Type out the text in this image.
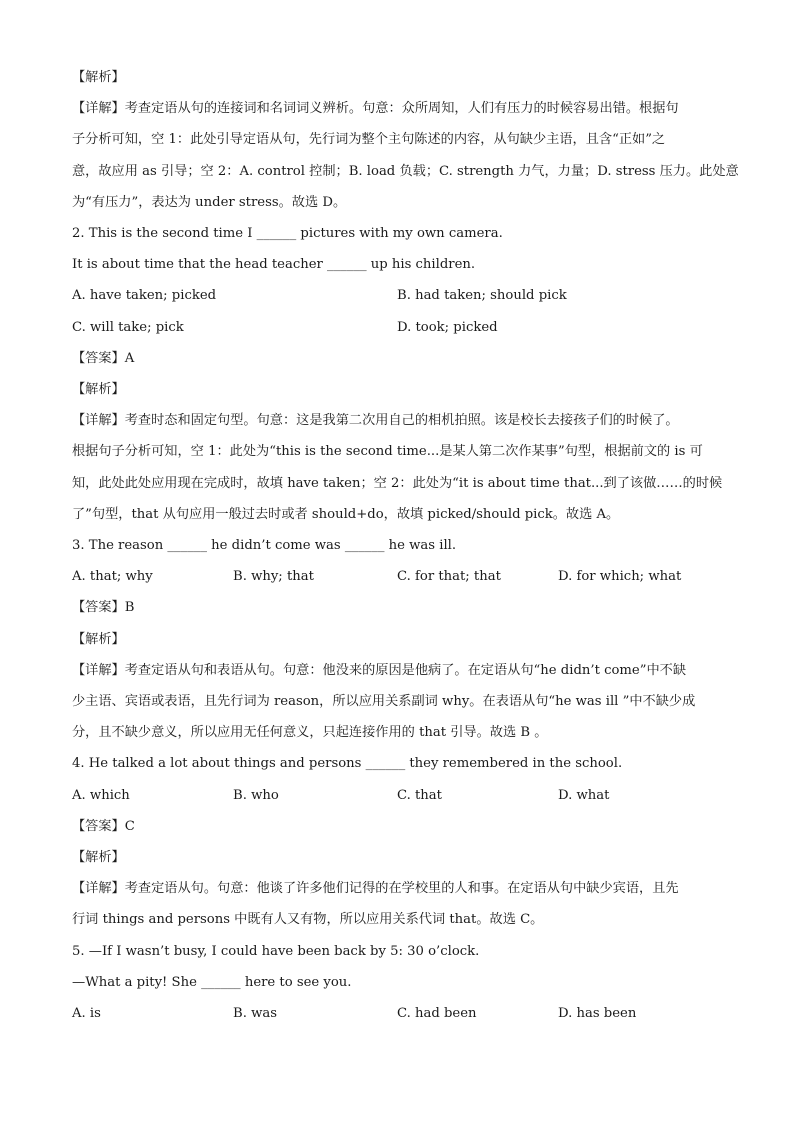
【解析】
【详解】考查定语从句的连接词和名词词义辨析。句意：众所周知，人们有压力的时候容易出错。根据句
子分析可知，空 1：此处引导定语从句，先行词为整个主句陈述的内容，从句缺少主语，且含“正如”之
意，故应用 as 引导；空 2：A. control 控制；B. load 负载；C. strength 力气，力量；D. stress 压力。此处意
为“有压力”，表达为 under stress。故选 D。
2. This is the second time I ______ pictures with my own camera.
It is about time that the head teacher ______ up his children.
A. have taken; picked	B. had taken; should pick
C. will take; pick	D. took; picked
【答案】A
【解析】
【详解】考查时态和固定句型。句意：这是我第二次用自己的相机拍照。该是校长去接孩子们的时候了。
根据句子分析可知，空 1：此处为“this is the second time...是某人第二次作某事”句型，根据前文的 is 可
知，此处此处应用现在完成时，故填 have taken；空 2：此处为“it is about time that...到了该做……的时候
了”句型，that 从句应用一般过去时或者 should+do，故填 picked/should pick。故选 A。
3. The reason ______ he didn’t come was ______ he was ill.
A. that; why	B. why; that	C. for that; that	D. for which; what
【答案】B
【解析】
【详解】考查定语从句和表语从句。句意：他没来的原因是他病了。在定语从句“he didn’t come”中不缺
少主语、宾语或表语，且先行词为 reason，所以应用关系副词 why。在表语从句“he was ill ”中不缺少成
分，且不缺少意义，所以应用无任何意义，只起连接作用的 that 引导。故选 B 。
4. He talked a lot about things and persons ______ they remembered in the school.
A. which	B. who	C. that	D. what
【答案】C
【解析】
【详解】考查定语从句。句意：他谈了许多他们记得的在学校里的人和事。在定语从句中缺少宾语，且先
行词 things and persons 中既有人又有物，所以应用关系代词 that。故选 C。
5. —If I wasn’t busy, I could have been back by 5: 30 o’clock.
—What a pity! She ______ here to see you.
A. is	B. was	C. had been	D. has been
